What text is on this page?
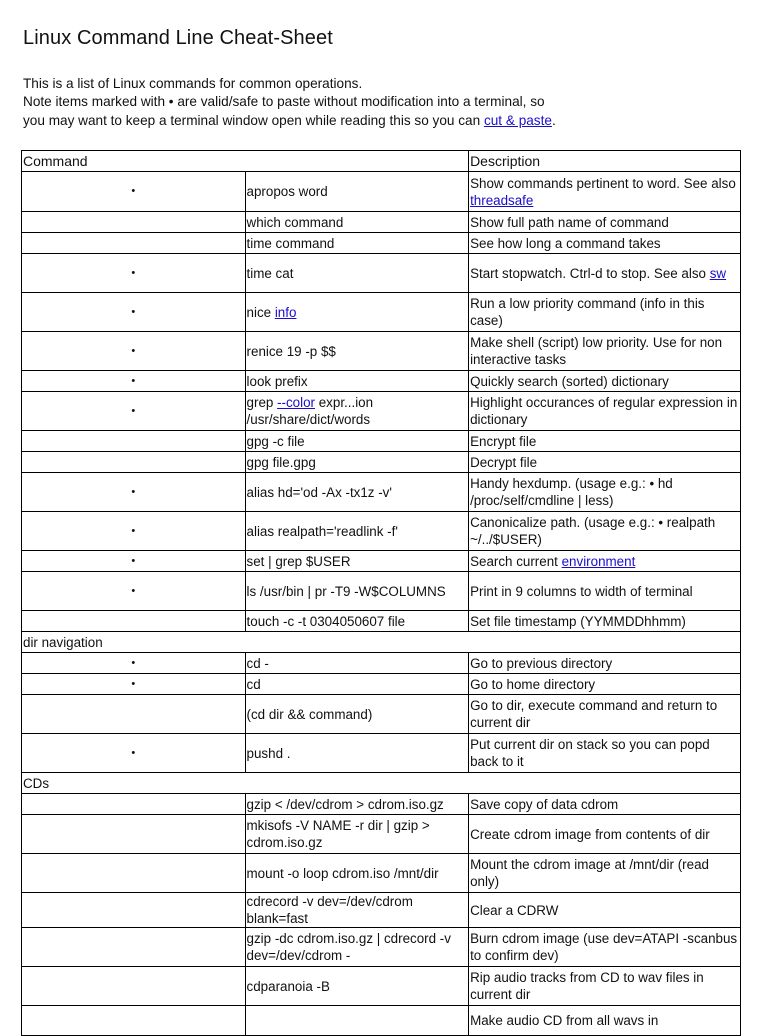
Linux Command Line Cheat-Sheet
This is a list of Linux commands for common operations.
Note items marked with • are valid/safe to paste without modification into a terminal, so
you may want to keep a terminal window open while reading this so you can cut & paste.
Command		Description
•	apropos word	Show commands pertinent to word. See also threadsafe
	which command	Show full path name of command
	time command	See how long a command takes
•	time cat	Start stopwatch. Ctrl-d to stop. See also sw
•	nice info	Run a low priority command (info in this case)
•	renice 19 -p $$	Make shell (script) low priority. Use for non interactive tasks
•	look prefix	Quickly search (sorted) dictionary
•	grep --color expr...ion /usr/share/dict/words	Highlight occurances of regular expression in dictionary
	gpg -c file	Encrypt file
	gpg file.gpg	Decrypt file
•	alias hd='od -Ax -tx1z -v'	Handy hexdump. (usage e.g.: • hd /proc/self/cmdline | less)
•	alias realpath='readlink -f'	Canonicalize path. (usage e.g.: • realpath ~/../$USER)
•	set | grep $USER	Search current environment
•	ls /usr/bin | pr -T9 -W$COLUMNS	Print in 9 columns to width of terminal
	touch -c -t 0304050607 file	Set file timestamp (YYMMDDhhmm)
dir navigation		
•	cd -	Go to previous directory
•	cd	Go to home directory
	(cd dir && command)	Go to dir, execute command and return to current dir
•	pushd .	Put current dir on stack so you can popd back to it
CDs		
	gzip < /dev/cdrom > cdrom.iso.gz	Save copy of data cdrom
	mkisofs -V NAME -r dir | gzip > cdrom.iso.gz	Create cdrom image from contents of dir
	mount -o loop cdrom.iso /mnt/dir	Mount the cdrom image at /mnt/dir (read only)
	cdrecord -v dev=/dev/cdrom blank=fast	Clear a CDRW
	gzip -dc cdrom.iso.gz | cdrecord -v dev=/dev/cdrom -	Burn cdrom image (use dev=ATAPI -scanbus to confirm dev)
	cdparanoia -B	Rip audio tracks from CD to wav files in current dir
		Make audio CD from all wavs in
